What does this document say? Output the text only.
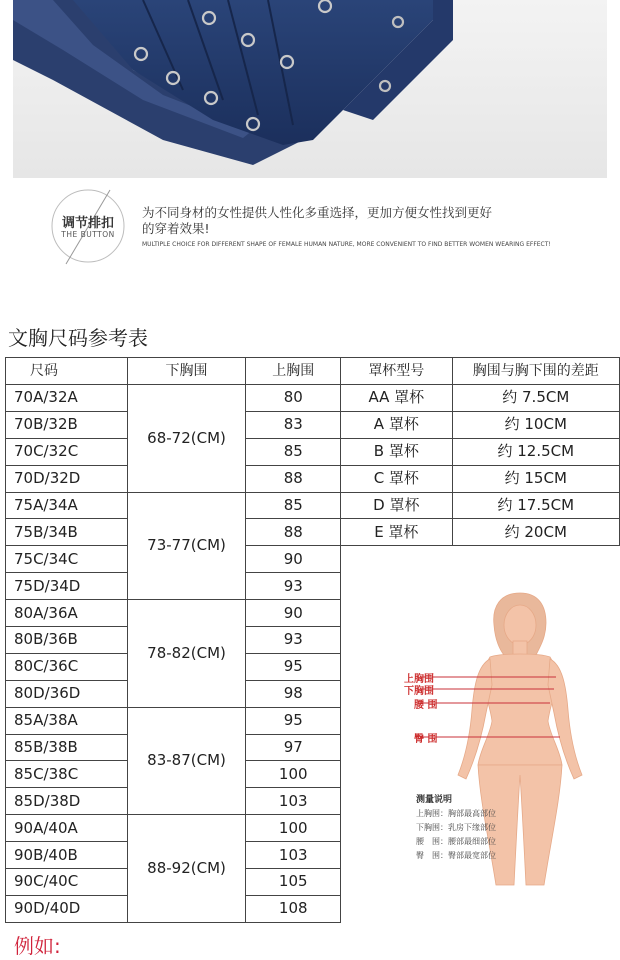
调节排扣
THE BUTTON
为不同身材的女性提供人性化多重选择，更加方便女性找到更好
的穿着效果!
MULTIPLE CHOICE FOR DIFFERENT SHAPE OF FEMALE HUMAN NATURE, MORE CONVENIENT TO FIND BETTER WOMEN WEARING EFFECT!
文胸尺码参考表
尺码	下胸围	上胸围	罩杯型号	胸围与胸下围的差距
70A/32A	68-72(CM)	80	AA 罩杯	约 7.5CM
70B/32B		83	A 罩杯	约 10CM
70C/32C		85	B 罩杯	约 12.5CM
70D/32D		88	C 罩杯	约 15CM
75A/34A	73-77(CM)	85	D 罩杯	约 17.5CM
75B/34B		88	E 罩杯	约 20CM
75C/34C		90		
75D/34D		93		
80A/36A	78-82(CM)	90		
80B/36B		93		
80C/36C		95		
80D/36D		98		
85A/38A	83-87(CM)	95		
85B/38B		97		
85C/38C		100		
85D/38D		103		
90A/40A	88-92(CM)	100		
90B/40B		103		
90C/40C		105		
90D/40D		108		
上胸围
下胸围
腰 围
臀 围
测量说明
上胸围：胸部最高部位
下胸围：乳房下缘部位
腰　围：腰部最细部位
臀　围：臀部最宽部位
例如:
